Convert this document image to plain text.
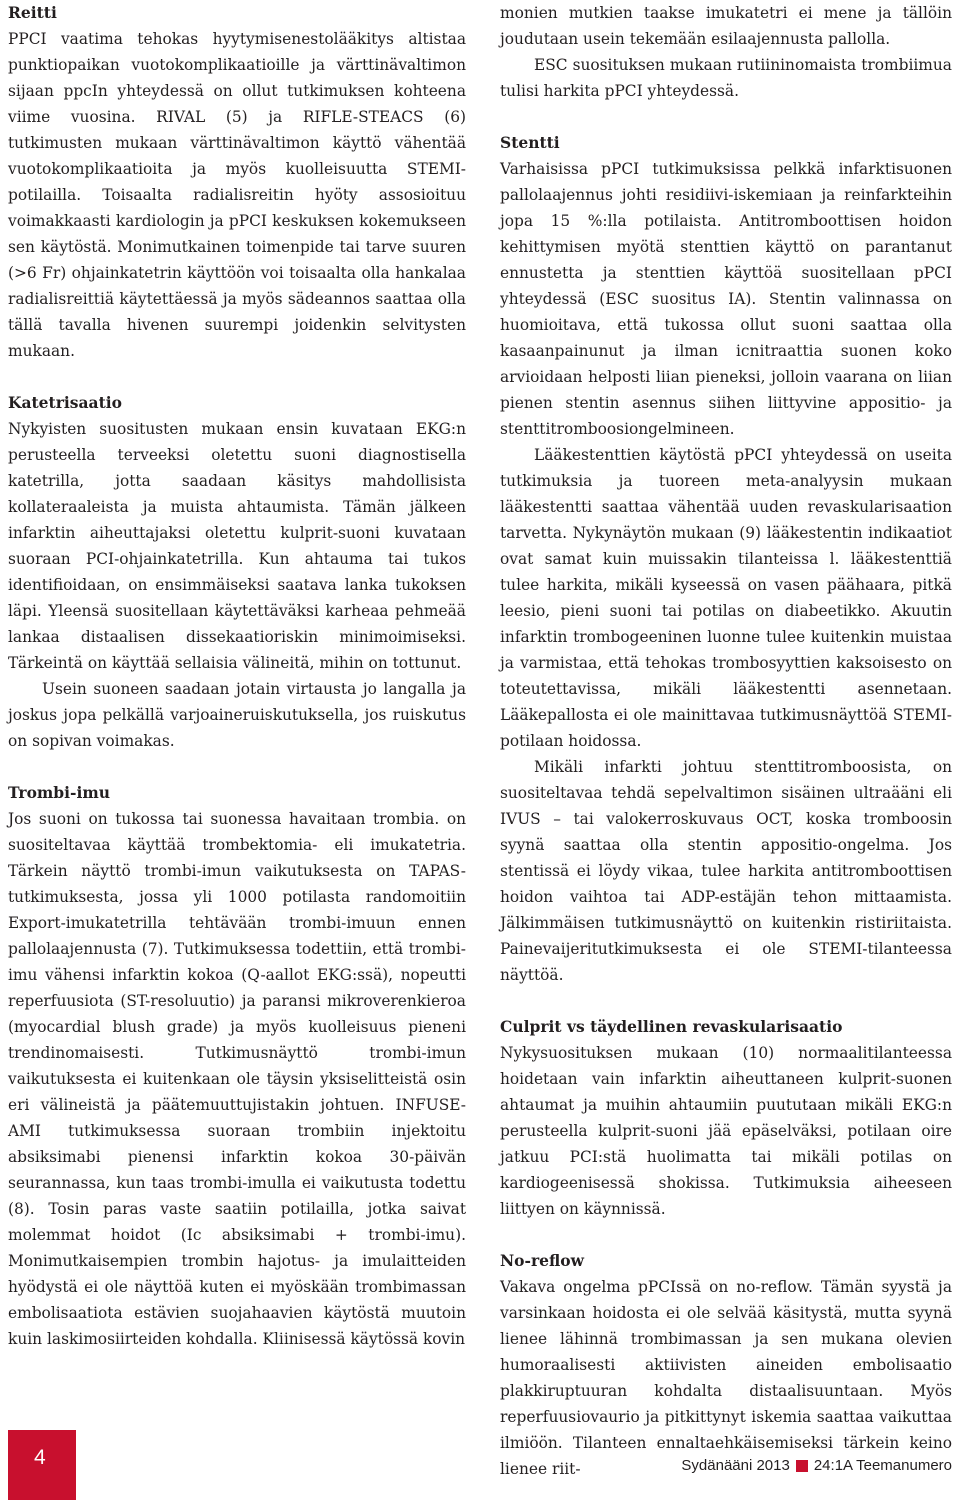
Reitti

PPCI vaatima tehokas hyytymisenestolääkitys altistaa punktiopaikan vuotokomplikaatioille ja värttinävaltimon sijaan ppcIn yhteydessä on ollut tutkimuksen kohteena viime vuosina. RIVAL (5) ja RIFLE-STEACS (6) tutkimusten mukaan värttinävaltimon käyttö vähentää vuotokomplikaatioita ja myös kuolleisuutta STEMI-potilailla. Toisaalta radialisreitin hyöty assosioituu voimakkaasti kardiologin ja pPCI keskuksen kokemukseen sen käytöstä. Monimutkainen toimenpide tai tarve suuren (>6 Fr) ohjainkatetrin käyttöön voi toisaalta olla hankalaa radialisreittiä käytettäessä ja myös sädeannos saattaa olla tällä tavalla hivenen suurempi joidenkin selvitysten mukaan.

Katetrisaatio

Nykyisten suositusten mukaan ensin kuvataan EKG:n perusteella terveeksi oletettu suoni diagnostisella katetrilla, jotta saadaan käsitys mahdollisista kollateraaleista ja muista ahtaumista. Tämän jälkeen infarktin aiheuttajaksi oletettu kulprit-suoni kuvataan suoraan PCI-ohjainkatetrilla. Kun ahtauma tai tukos identifioidaan, on ensimmäiseksi saatava lanka tukoksen läpi. Yleensä suositellaan käytettäväksi karheaa pehmeää lankaa distaalisen dissekaatioriskin minimoimiseksi. Tärkeintä on käyttää sellaisia välineitä, mihin on tottunut.

Usein suoneen saadaan jotain virtausta jo langalla ja joskus jopa pelkällä varjoaineruiskutuksella, jos ruiskutus on sopivan voimakas.

Trombi-imu

Jos suoni on tukossa tai suonessa havaitaan trombia. on suositeltavaa käyttää trombektomia- eli imukatetria. Tärkein näyttö trombi-imun vaikutuksesta on TAPAS-tutkimuksesta, jossa yli 1000 potilasta randomoitiin Export-imukatetrilla tehtävään trombi-imuun ennen pallolaajennusta (7). Tutkimuksessa todettiin, että trombi-imu vähensi infarktin kokoa (Q-aallot EKG:ssä), nopeutti reperfuusiota (ST-resoluutio) ja paransi mikroverenkieroa (myocardial blush grade) ja myös kuolleisuus pieneni trendinomaisesti. Tutkimusnäyttö trombi-imun vaikutuksesta ei kuitenkaan ole täysin yksiselitteistä osin eri välineistä ja päätemuuttujistakin johtuen. INFUSE-AMI tutkimuksessa suoraan trombiin injektoitu absiksimabi pienensi infarktin kokoa 30-päivän seurannassa, kun taas trombi-imulla ei vaikutusta todettu (8). Tosin paras vaste saatiin potilailla, jotka saivat molemmat hoidot (Ic absiksimabi + trombi-imu). Monimutkaisempien trombin hajotus- ja imulaitteiden hyödystä ei ole näyttöä kuten ei myöskään trombimassan embolisaatiota estävien suojahaavien käytöstä muutoin kuin laskimosiirteiden kohdalla. Kliinisessä käytössä kovin

monien mutkien taakse imukatetri ei mene ja tällöin joudutaan usein tekemään esilaajennusta pallolla.

ESC suosituksen mukaan rutiininomaista trombiimua tulisi harkita pPCI yhteydessä.

Stentti

Varhaisissa pPCI tutkimuksissa pelkkä infarktisuonen pallolaajennus johti residiivi-iskemiaan ja reinfarkteihin jopa 15 %:lla potilaista. Antitromboottisen hoidon kehittymisen myötä stenttien käyttö on parantanut ennustetta ja stenttien käyttöä suositellaan pPCI yhteydessä (ESC suositus IA). Stentin valinnassa on huomioitava, että tukossa ollut suoni saattaa olla kasaanpainunut ja ilman icnitraattia suonen koko arvioidaan helposti liian pieneksi, jolloin vaarana on liian pienen stentin asennus siihen liittyvine appositio- ja stenttitromboosiongelmineen.

Lääkestenttien käytöstä pPCI yhteydessä on useita tutkimuksia ja tuoreen meta-analyysin mukaan lääkestentti saattaa vähentää uuden revaskularisaation tarvetta. Nykynäytön mukaan (9) lääkestentin indikaatiot ovat samat kuin muissakin tilanteissa l. lääkestenttiä tulee harkita, mikäli kyseessä on vasen päähaara, pitkä leesio, pieni suoni tai potilas on diabeetikko. Akuutin infarktin trombogeeninen luonne tulee kuitenkin muistaa ja varmistaa, että tehokas trombosyyttien kaksoisesto on toteutettavissa, mikäli lääkestentti asennetaan. Lääkepallosta ei ole mainittavaa tutkimusnäyttöä STEMI-potilaan hoidossa.

Mikäli infarkti johtuu stenttitromboosista, on suositeltavaa tehdä sepelvaltimon sisäinen ultraääni eli IVUS – tai valokerroskuvaus OCT, koska tromboosin syynä saattaa olla stentin appositio-ongelma. Jos stentissä ei löydy vikaa, tulee harkita antitromboottisen hoidon vaihtoa tai ADP-estäjän tehon mittaamista. Jälkimmäisen tutkimusnäyttö on kuitenkin ristiriitaista. Painevaijeritutkimuksesta ei ole STEMI-tilanteessa näyttöä.

Culprit vs täydellinen revaskularisaatio

Nykysuosituksen mukaan (10) normaalitilanteessa hoidetaan vain infarktin aiheuttaneen kulprit-suonen ahtaumat ja muihin ahtaumiin puututaan mikäli EKG:n perusteella kulprit-suoni jää epäselväksi, potilaan oire jatkuu PCI:stä huolimatta tai mikäli potilas on kardiogeenisessä shokissa. Tutkimuksia aiheeseen liittyen on käynnissä.

No-reflow

Vakava ongelma pPCIssä on no-reflow. Tämän syystä ja varsinkaan hoidosta ei ole selvää käsitystä, mutta syynä lienee lähinnä trombimassan ja sen mukana olevien humoraalisesti aktiivisten aineiden embolisaatio plakkiruptuuran kohdalta distaalisuuntaan. Myös reperfuusiovaurio ja pitkittynyt iskemia saattaa vaikuttaa ilmiöön. Tilanteen ennaltaehkäisemiseksi tärkein keino lienee riit-

4	Sydänääni 2013 24:1A Teemanumero
